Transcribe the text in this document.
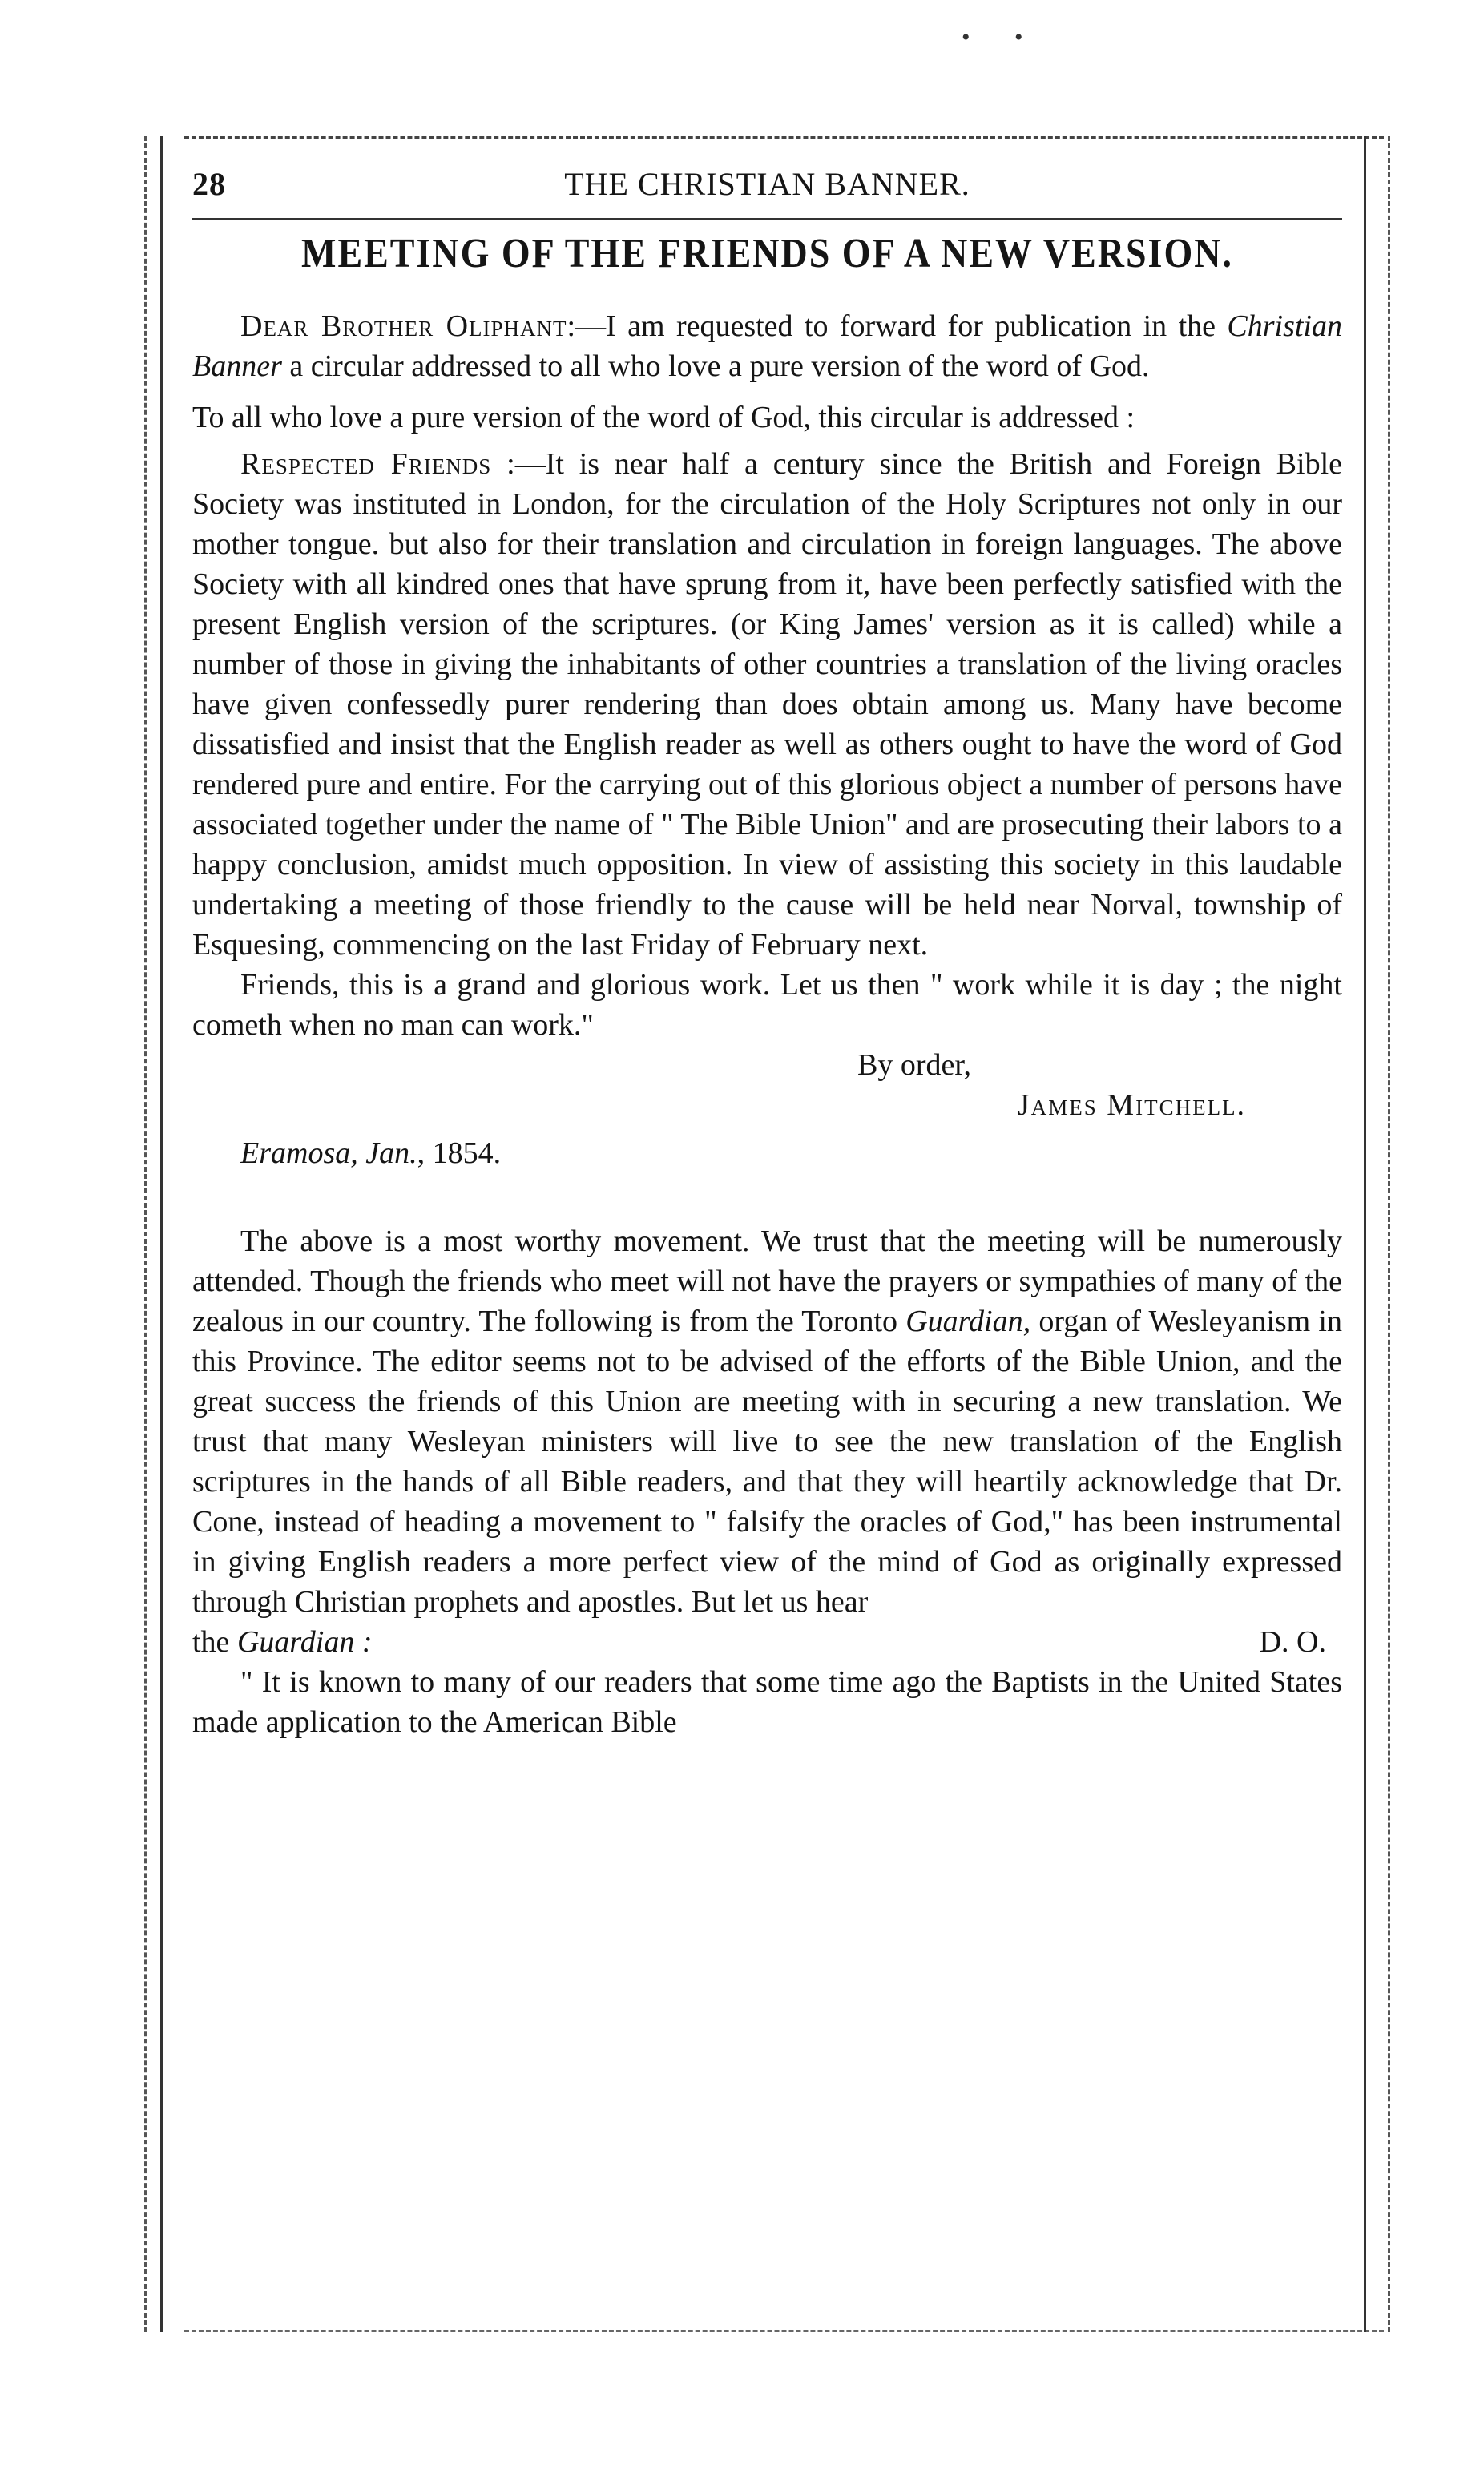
• •
28	THE CHRISTIAN BANNER.
MEETING OF THE FRIENDS OF A NEW VERSION.

Dear Brother Oliphant:—I am requested to forward for publication in the Christian Banner a circular addressed to all who love a pure version of the word of God.

To all who love a pure version of the word of God, this circular is addressed :

Respected Friends :—It is near half a century since the British and Foreign Bible Society was instituted in London, for the circulation of the Holy Scriptures not only in our mother tongue. but also for their translation and circulation in foreign languages. The above Society with all kindred ones that have sprung from it, have been perfectly satisfied with the present English version of the scriptures. (or King James' version as it is called) while a number of those in giving the inhabitants of other countries a translation of the living oracles have given confessedly purer rendering than does obtain among us. Many have become dissatisfied and insist that the English reader as well as others ought to have the word of God rendered pure and entire. For the carrying out of this glorious object a number of persons have associated together under the name of " The Bible Union" and are prosecuting their labors to a happy conclusion, amidst much opposition. In view of assisting this society in this laudable undertaking a meeting of those friendly to the cause will be held near Norval, township of Esquesing, commencing on the last Friday of February next.

Friends, this is a grand and glorious work. Let us then " work while it is day ; the night cometh when no man can work."

By order,
James Mitchell.
Eramosa, Jan., 1854.

The above is a most worthy movement. We trust that the meeting will be numerously attended. Though the friends who meet will not have the prayers or sympathies of many of the zealous in our country. The following is from the Toronto Guardian, organ of Wesleyanism in this Province. The editor seems not to be advised of the efforts of the Bible Union, and the great success the friends of this Union are meeting with in securing a new translation. We trust that many Wesleyan ministers will live to see the new translation of the English scriptures in the hands of all Bible readers, and that they will heartily acknowledge that Dr. Cone, instead of heading a movement to " falsify the oracles of God," has been instrumental in giving English readers a more perfect view of the mind of God as originally expressed through Christian prophets and apostles. But let us hear

the Guardian :	D. O.

" It is known to many of our readers that some time ago the Baptists in the United States made application to the American Bible
